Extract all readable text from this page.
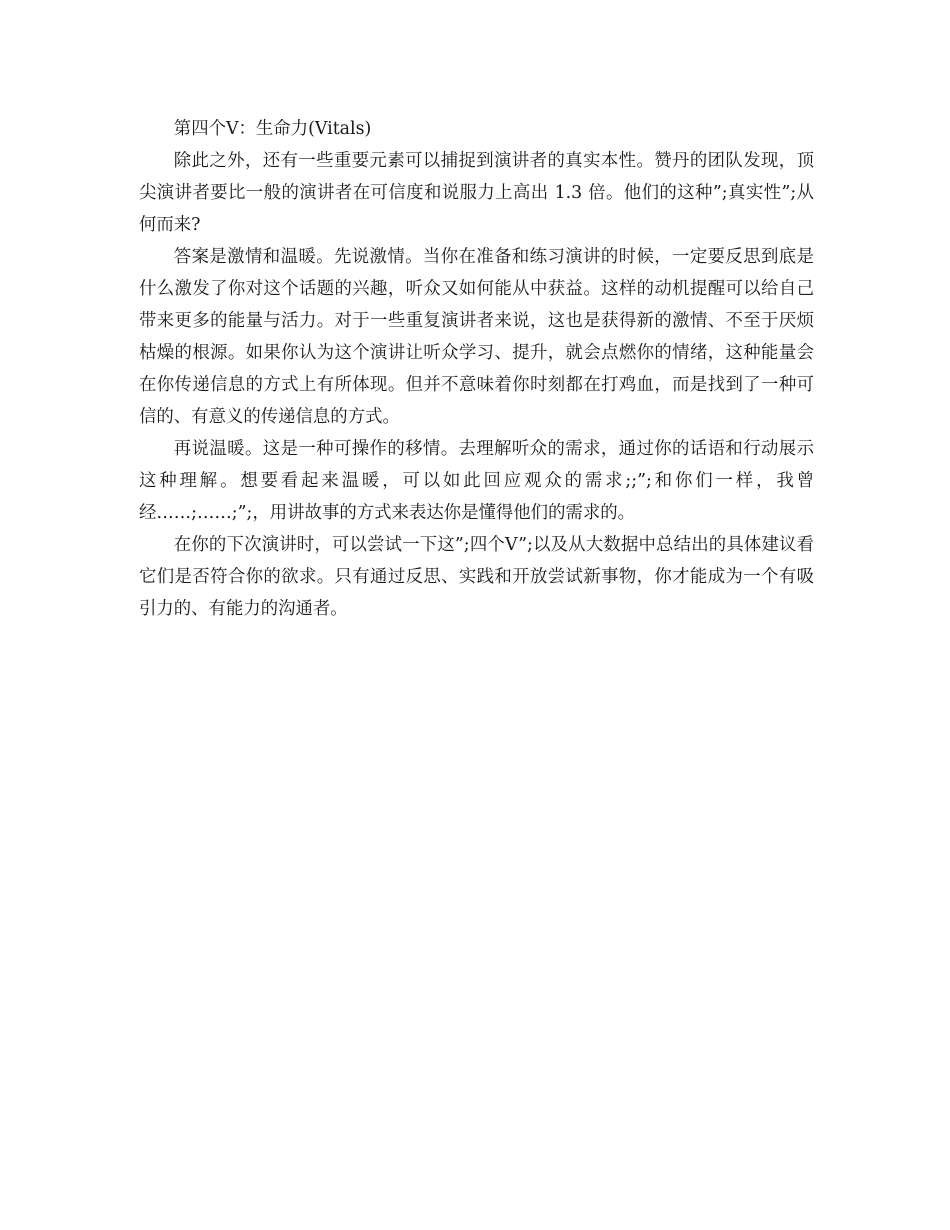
第四个V：生命力(Vitals)

除此之外，还有一些重要元素可以捕捉到演讲者的真实本性。赞丹的团队发现，顶尖演讲者要比一般的演讲者在可信度和说服力上高出 1.3 倍。他们的这种”;真实性”;从何而来?

答案是激情和温暖。先说激情。当你在准备和练习演讲的时候，一定要反思到底是什么激发了你对这个话题的兴趣，听众又如何能从中获益。这样的动机提醒可以给自己带来更多的能量与活力。对于一些重复演讲者来说，这也是获得新的激情、不至于厌烦枯燥的根源。如果你认为这个演讲让听众学习、提升，就会点燃你的情绪，这种能量会在你传递信息的方式上有所体现。但并不意味着你时刻都在打鸡血，而是找到了一种可信的、有意义的传递信息的方式。

再说温暖。这是一种可操作的移情。去理解听众的需求，通过你的话语和行动展示这种理解。想要看起来温暖，可以如此回应观众的需求;;”;和你们一样，我曾经……;……;”;，用讲故事的方式来表达你是懂得他们的需求的。

在你的下次演讲时，可以尝试一下这”;四个V”;以及从大数据中总结出的具体建议看它们是否符合你的欲求。只有通过反思、实践和开放尝试新事物，你才能成为一个有吸引力的、有能力的沟通者。
